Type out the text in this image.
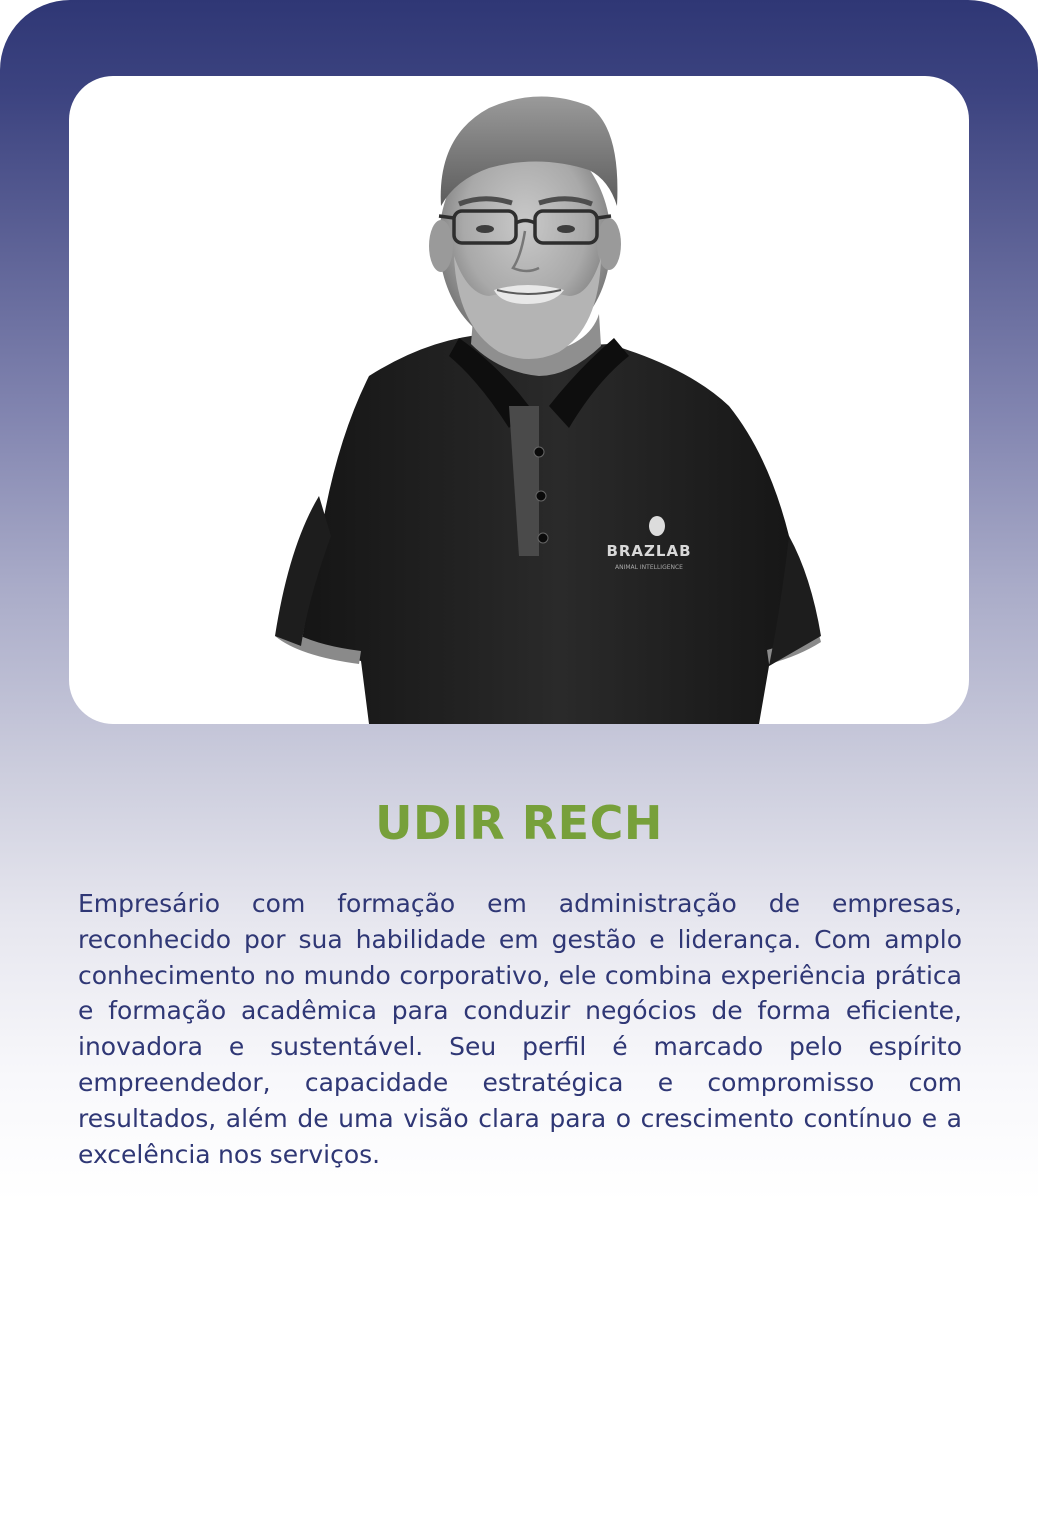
BRAZLAB
ANIMAL INTELLIGENCE
UDIR RECH

Empresário com formação em administração de empresas, reconhecido por sua habilidade em gestão e liderança. Com amplo conhecimento no mundo corporativo, ele combina experiência prática e formação acadêmica para conduzir negócios de forma eficiente, inovadora e sustentável. Seu perfil é marcado pelo espírito empreendedor, capacidade estratégica e compromisso com resultados, além de uma visão clara para o crescimento contínuo e a excelência nos serviços.
